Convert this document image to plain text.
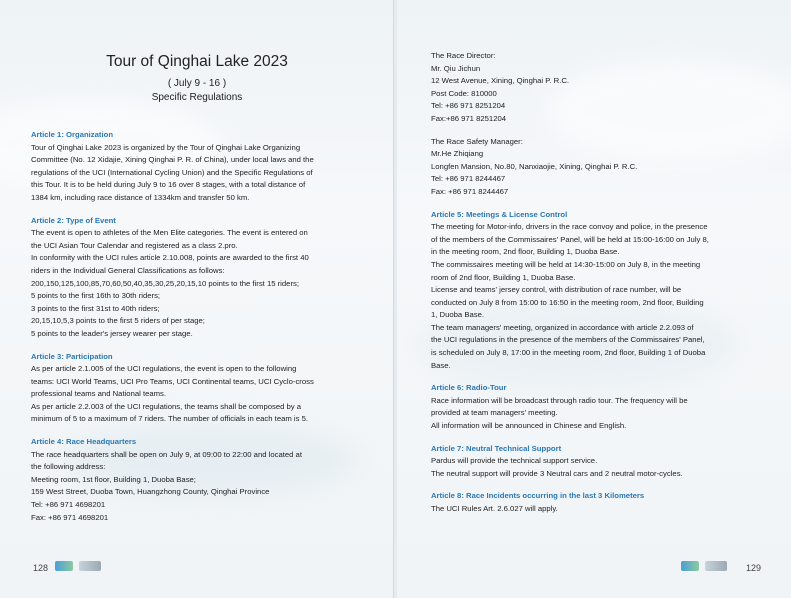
Tour of Qinghai Lake 2023
( July 9 - 16 )
Specific Regulations
Article 1: Organization
Tour of Qinghai Lake 2023 is organized by the Tour of Qinghai Lake Organizing
Committee (No. 12 Xidajie, Xining Qinghai P. R. of China), under local laws and the
regulations of the UCI (International Cycling Union) and the Specific Regulations of
this Tour. It is to be held during July 9 to 16 over 8 stages, with a total distance of
1384 km, including race distance of 1334km and transfer 50 km.
Article 2: Type of Event
The event is open to athletes of the Men Elite categories. The event is entered on
the UCI Asian Tour Calendar and registered as a class 2.pro.
In conformity with the UCI rules article 2.10.008, points are awarded to the first 40
riders in the Individual General Classifications as follows:
200,150,125,100,85,70,60,50,40,35,30,25,20,15,10 points to the first 15 riders;
5 points to the first 16th to 30th riders;
3 points to the first 31st to 40th riders;
20,15,10,5,3 points to the first 5 riders of per stage;
5 points to the leader's jersey wearer per stage.
Article 3: Participation
As per article 2.1.005 of the UCI regulations, the event is open to the following
teams: UCI World Teams, UCI Pro Teams, UCI Continental teams, UCI Cyclo-cross
professional teams and National teams.
As per article 2.2.003 of the UCI regulations, the teams shall be composed by a
minimum of 5 to a maximum of 7 riders. The number of officials in each team is 5.
Article 4: Race Headquarters
The race headquarters shall be open on July 9, at 09:00 to 22:00 and located at
the following address:
Meeting room, 1st floor, Building 1, Duoba Base;
159 West Street, Duoba Town, Huangzhong County, Qinghai Province
Tel: +86 971 4698201
Fax: +86 971 4698201
128
The Race Director:
Mr. Qiu Jichun
12 West Avenue, Xining, Qinghai P. R.C.
Post Code: 810000
Tel: +86 971 8251204
Fax:+86 971 8251204
The Race Safety Manager:
Mr.He Zhiqiang
Longfen Mansion, No.80, Nanxiaojie, Xining, Qinghai P. R.C.
Tel: +86 971 8244467
Fax: +86 971 8244467
Article 5: Meetings & License Control
The meeting for Motor-info, drivers in the race convoy and police, in the presence
of the members of the Commissaires' Panel, will be held at 15:00-16:00 on July 8,
in the meeting room, 2nd floor, Building 1, Duoba Base.
The commissaires meeting will be held at 14:30-15:00 on July 8, in the meeting
room of 2nd floor, Building 1, Duoba Base.
License and teams' jersey control, with distribution of race number, will be
conducted on July 8 from 15:00 to 16:50 in the meeting room, 2nd floor, Building
1, Duoba Base.
The team managers' meeting, organized in accordance with article 2.2.093 of
the UCI regulations in the presence of the members of the Commissaires' Panel,
is scheduled on July 8, 17:00 in the meeting room, 2nd floor, Building 1 of Duoba
Base.
Article 6: Radio-Tour
Race information will be broadcast through radio tour. The frequency will be
provided at team managers' meeting.
All information will be announced in Chinese and English.
Article 7: Neutral Technical Support
Pardus will provide the technical support service.
The neutral support will provide 3 Neutral cars and 2 neutral motor-cycles.
Article 8: Race Incidents occurring in the last 3 Kilometers
The UCI Rules Art. 2.6.027 will apply.
129
